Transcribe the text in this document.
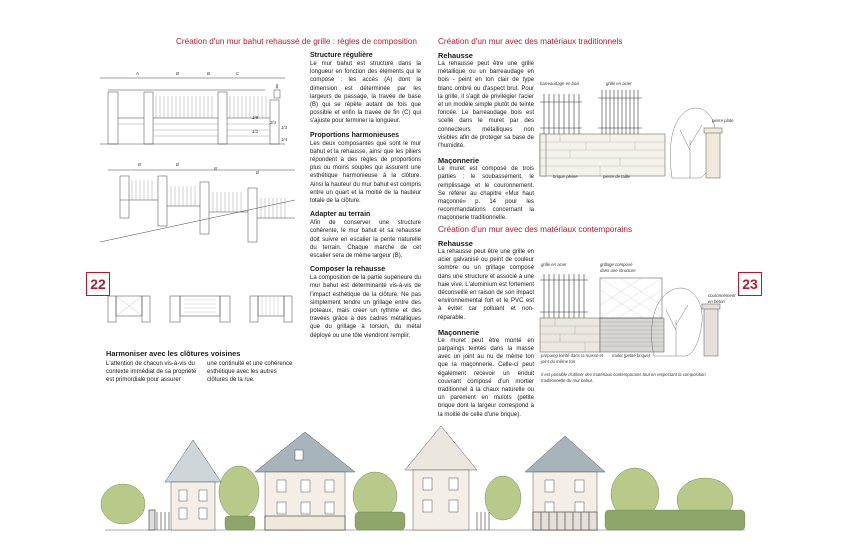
Création d'un mur bahut rehaussé de grille : règles de composition
A	B	B	C
1/8
1/2
1/3
1/4
2/3
B	B
B
B
Structure régulière
Le mur bahut est structuré dans la longueur en fonction des éléments qui le compose : les accès (A) dont la dimension est déterminée par les largeurs de passage, la travée de base (B) qui se répète autant de fois que possible et enfin la travée de fin (C) qui s'ajuste pour terminer la longueur.
Proportions harmonieuses
Les deux composantes que sont le mur bahut et la rehausse, ainsi que les piliers répondent à des règles de proportions plus ou moins souples qui assurent une esthétique harmonieuse à la clôture. Ainsi la hauteur du mur bahut est compris entre un quart et la moitié de la hauteur totale de la clôture.
Adapter au terrain
Afin de conserver une structure cohérente, le mur bahut et sa rehausse doit suivre en escalier la pente naturelle du terrain. Chaque marche de cet escalier sera de même largeur (B).
Composer la rehausse
La composition de la partie supérieure du mur bahut est déterminante vis-à-vis de l'impact esthétique de la clôture. Ne pas simplement tendre un grillage entre des poteaux, mais créer un rythme et des travées grâce à des cadres métalliques que du grillage à torsion, du métal déployé ou une tôle viendront remplir.
22
Harmoniser avec les clôtures voisines
L'attention de chacun vis-à-vis du contexte immédiat de sa propriété est primordiale pour assurer
une continuité et une cohérence esthétique avec les autres clôtures de la rue.
Création d'un mur avec des matériaux traditionnels
Rehausse
La rehausse peut être une grille métallique ou un barreaudage en bois - peint en ton clair de type blanc ombré ou d'aspect brut. Pour la grille, il s'agit de privilégier l'acier et un modèle simple plutôt de teinte foncée. Le barreaudage bois est scellé dans le muret par des connecteurs métalliques non visibles afin de protéger sa base de l'humidité.
Maçonnerie
Le muret est composé de trois parties : le soubassement, le remplissage et le couronnement. Se référer au chapitre «Mur haut maçonné» p. 14 pour les recommandations concernant la maçonnerie traditionnelle.
barreaudage en bois	grille en acier
pierre plate
brique pleine	pierre de taille
Création d'un mur avec des matériaux contemporains
Rehausse
La rehausse peut être une grille en acier galvanisé ou peint de couleur sombre ou un grillage composé dans une structure et associé à une haie vive. L'aluminium est fortement déconseillé en raison de son impact environnemental fort et le PVC est à éviter car polluant et non-réparable.
Maçonnerie
Le muret peut être monté en parpaings teintés dans la masse avec un joint au nu de même ton que la maçonnerie. Celle-ci peut également recevoir un enduit couvrant composé d'un mortier traditionnel à la chaux naturelle ou un parement en mulots (petite brique dont la largeur correspond à la moitié de celle d'une brique).
grille en acier	grillage composé dans une structure
couronnement en béton
parpaing teinté dans la masse et joint du même ton
mulot (petite brique)
Il est possible d'utiliser des matériaux contemporains tout en respectant la composition traditionnelle du mur bahut.
23
